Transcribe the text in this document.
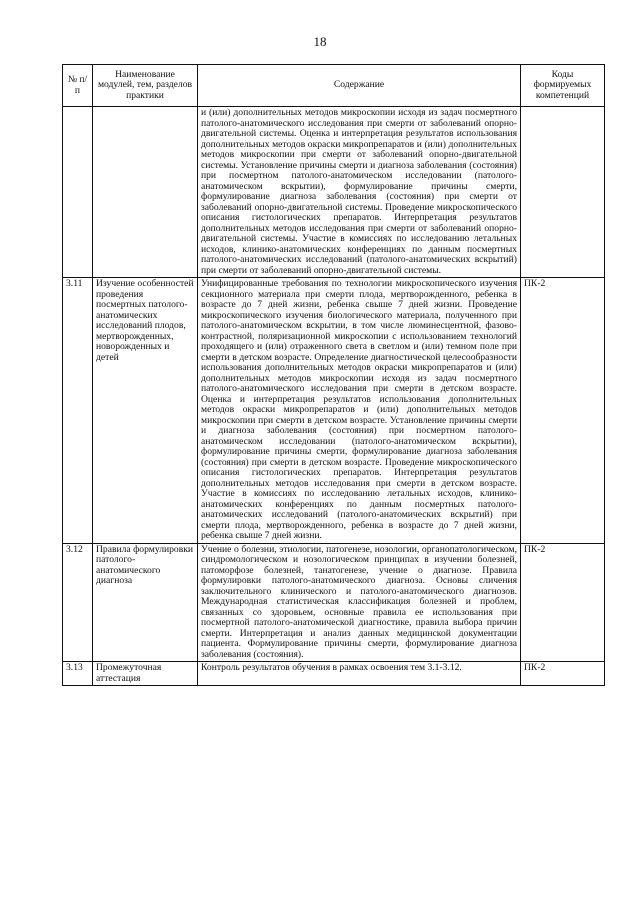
18
№ п/п	Наименование модулей, тем, разделов практики	Содержание	Коды формируемых компетенций
		и (или) дополнительных методов микроскопии исходя из задач посмертного патолого-анатомического исследования при смерти от заболеваний опорно-двигательной системы. Оценка и интерпретация результатов использования дополнительных методов окраски микропрепаратов и (или) дополнительных методов микроскопии при смерти от заболеваний опорно-двигательной системы. Установление причины смерти и диагноза заболевания (состояния) при посмертном патолого-анатомическом исследовании (патолого-анатомическом вскрытии), формулирование причины смерти, формулирование диагноза заболевания (состояния) при смерти от заболеваний опорно-двигательной системы. Проведение микроскопического описания гистологических препаратов. Интерпретация результатов дополнительных методов исследования при смерти от заболеваний опорно-двигательной системы. Участие в комиссиях по исследованию летальных исходов, клинико-анатомических конференциях по данным посмертных патолого-анатомических исследований (патолого-анатомических вскрытий) при смерти от заболеваний опорно-двигательной системы.	
3.11	Изучение особенностей проведения посмертных патолого-анатомических исследований плодов, мертворожденных, новорожденных и детей	Унифицированные требования по технологии микроскопического изучения секционного материала при смерти плода, мертворожденного, ребенка в возрасте до 7 дней жизни, ребенка свыше 7 дней жизни. Проведение микроскопического изучения биологического материала, полученного при патолого-анатомическом вскрытии, в том числе люминесцентной, фазово-контрастной, поляризационной микроскопии с использованием технологий проходящего и (или) отраженного света в светлом и (или) темном поле при смерти в детском возрасте. Определение диагностической целесообразности использования дополнительных методов окраски микропрепаратов и (или) дополнительных методов микроскопии исходя из задач посмертного патолого-анатомического исследования при смерти в детском возрасте. Оценка и интерпретация результатов использования дополнительных методов окраски микропрепаратов и (или) дополнительных методов микроскопии при смерти в детском возрасте. Установление причины смерти и диагноза заболевания (состояния) при посмертном патолого-анатомическом исследовании (патолого-анатомическом вскрытии), формулирование причины смерти, формулирование диагноза заболевания (состояния) при смерти в детском возрасте. Проведение микроскопического описания гистологических препаратов. Интерпретация результатов дополнительных методов исследования при смерти в детском возрасте. Участие в комиссиях по исследованию летальных исходов, клинико-анатомических конференциях по данным посмертных патолого-анатомических исследований (патолого-анатомических вскрытий) при смерти плода, мертворожденного, ребенка в возрасте до 7 дней жизни, ребенка свыше 7 дней жизни.	ПК-2
3.12	Правила формулировки патолого-анатомического диагноза	Учение о болезни, этиологии, патогенезе, нозологии, органопатологическом, синдромологическом и нозологическом принципах в изучении болезней, патоморфозе болезней, танатогенезе, учение о диагнозе. Правила формулировки патолого-анатомического диагноза. Основы сличения заключительного клинического и патолого-анатомического диагнозов. Международная статистическая классификация болезней и проблем, связанных со здоровьем, основные правила ее использования при посмертной патолого-анатомической диагностике, правила выбора причин смерти. Интерпретация и анализ данных медицинской документации пациента. Формулирование причины смерти, формулирование диагноза заболевания (состояния).	ПК-2
3.13	Промежуточная аттестация	Контроль результатов обучения в рамках освоения тем 3.1-3.12.	ПК-2
